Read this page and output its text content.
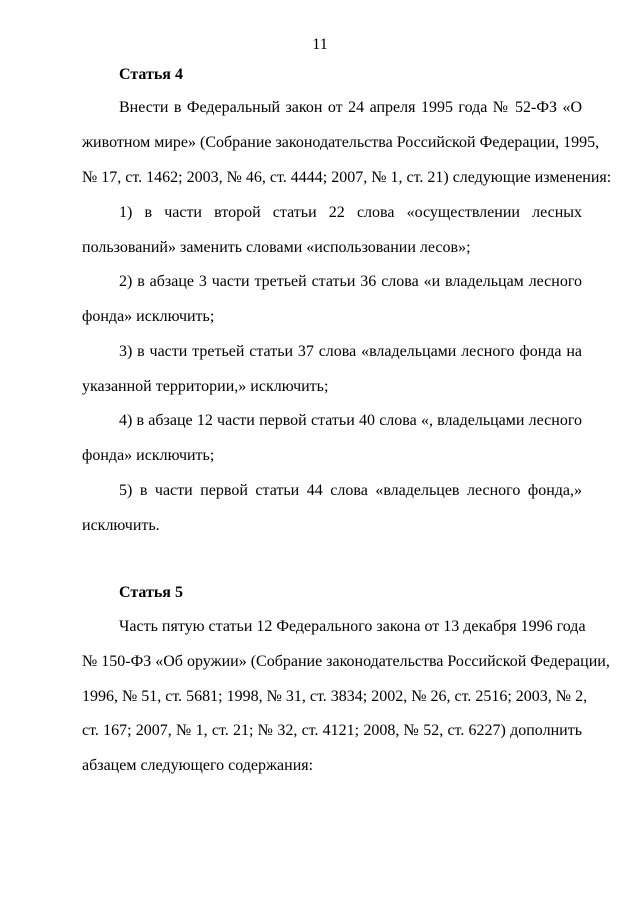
11
Статья 4
Внести в Федеральный закон от 24 апреля 1995 года № 52-ФЗ «О
животном мире» (Собрание законодательства Российской Федерации, 1995,
№ 17, ст. 1462; 2003, № 46, ст. 4444; 2007, № 1, ст. 21) следующие изменения:
1) в части второй статьи 22 слова «осуществлении лесных
пользований» заменить словами «использовании лесов»;
2) в абзаце 3 части третьей статьи 36 слова «и владельцам лесного
фонда» исключить;
3) в части третьей статьи 37 слова «владельцами лесного фонда на
указанной территории,» исключить;
4) в абзаце 12 части первой статьи 40 слова «, владельцами лесного
фонда» исключить;
5) в части первой статьи 44 слова «владельцев лесного фонда,»
исключить.
Статья 5
Часть пятую статьи 12 Федерального закона от 13 декабря 1996 года
№ 150-ФЗ «Об оружии» (Собрание законодательства Российской Федерации,
1996, № 51, ст. 5681; 1998, № 31, ст. 3834; 2002, № 26, ст. 2516; 2003, № 2,
ст. 167; 2007, № 1, ст. 21; № 32, ст. 4121; 2008, № 52, ст. 6227) дополнить
абзацем следующего содержания:
